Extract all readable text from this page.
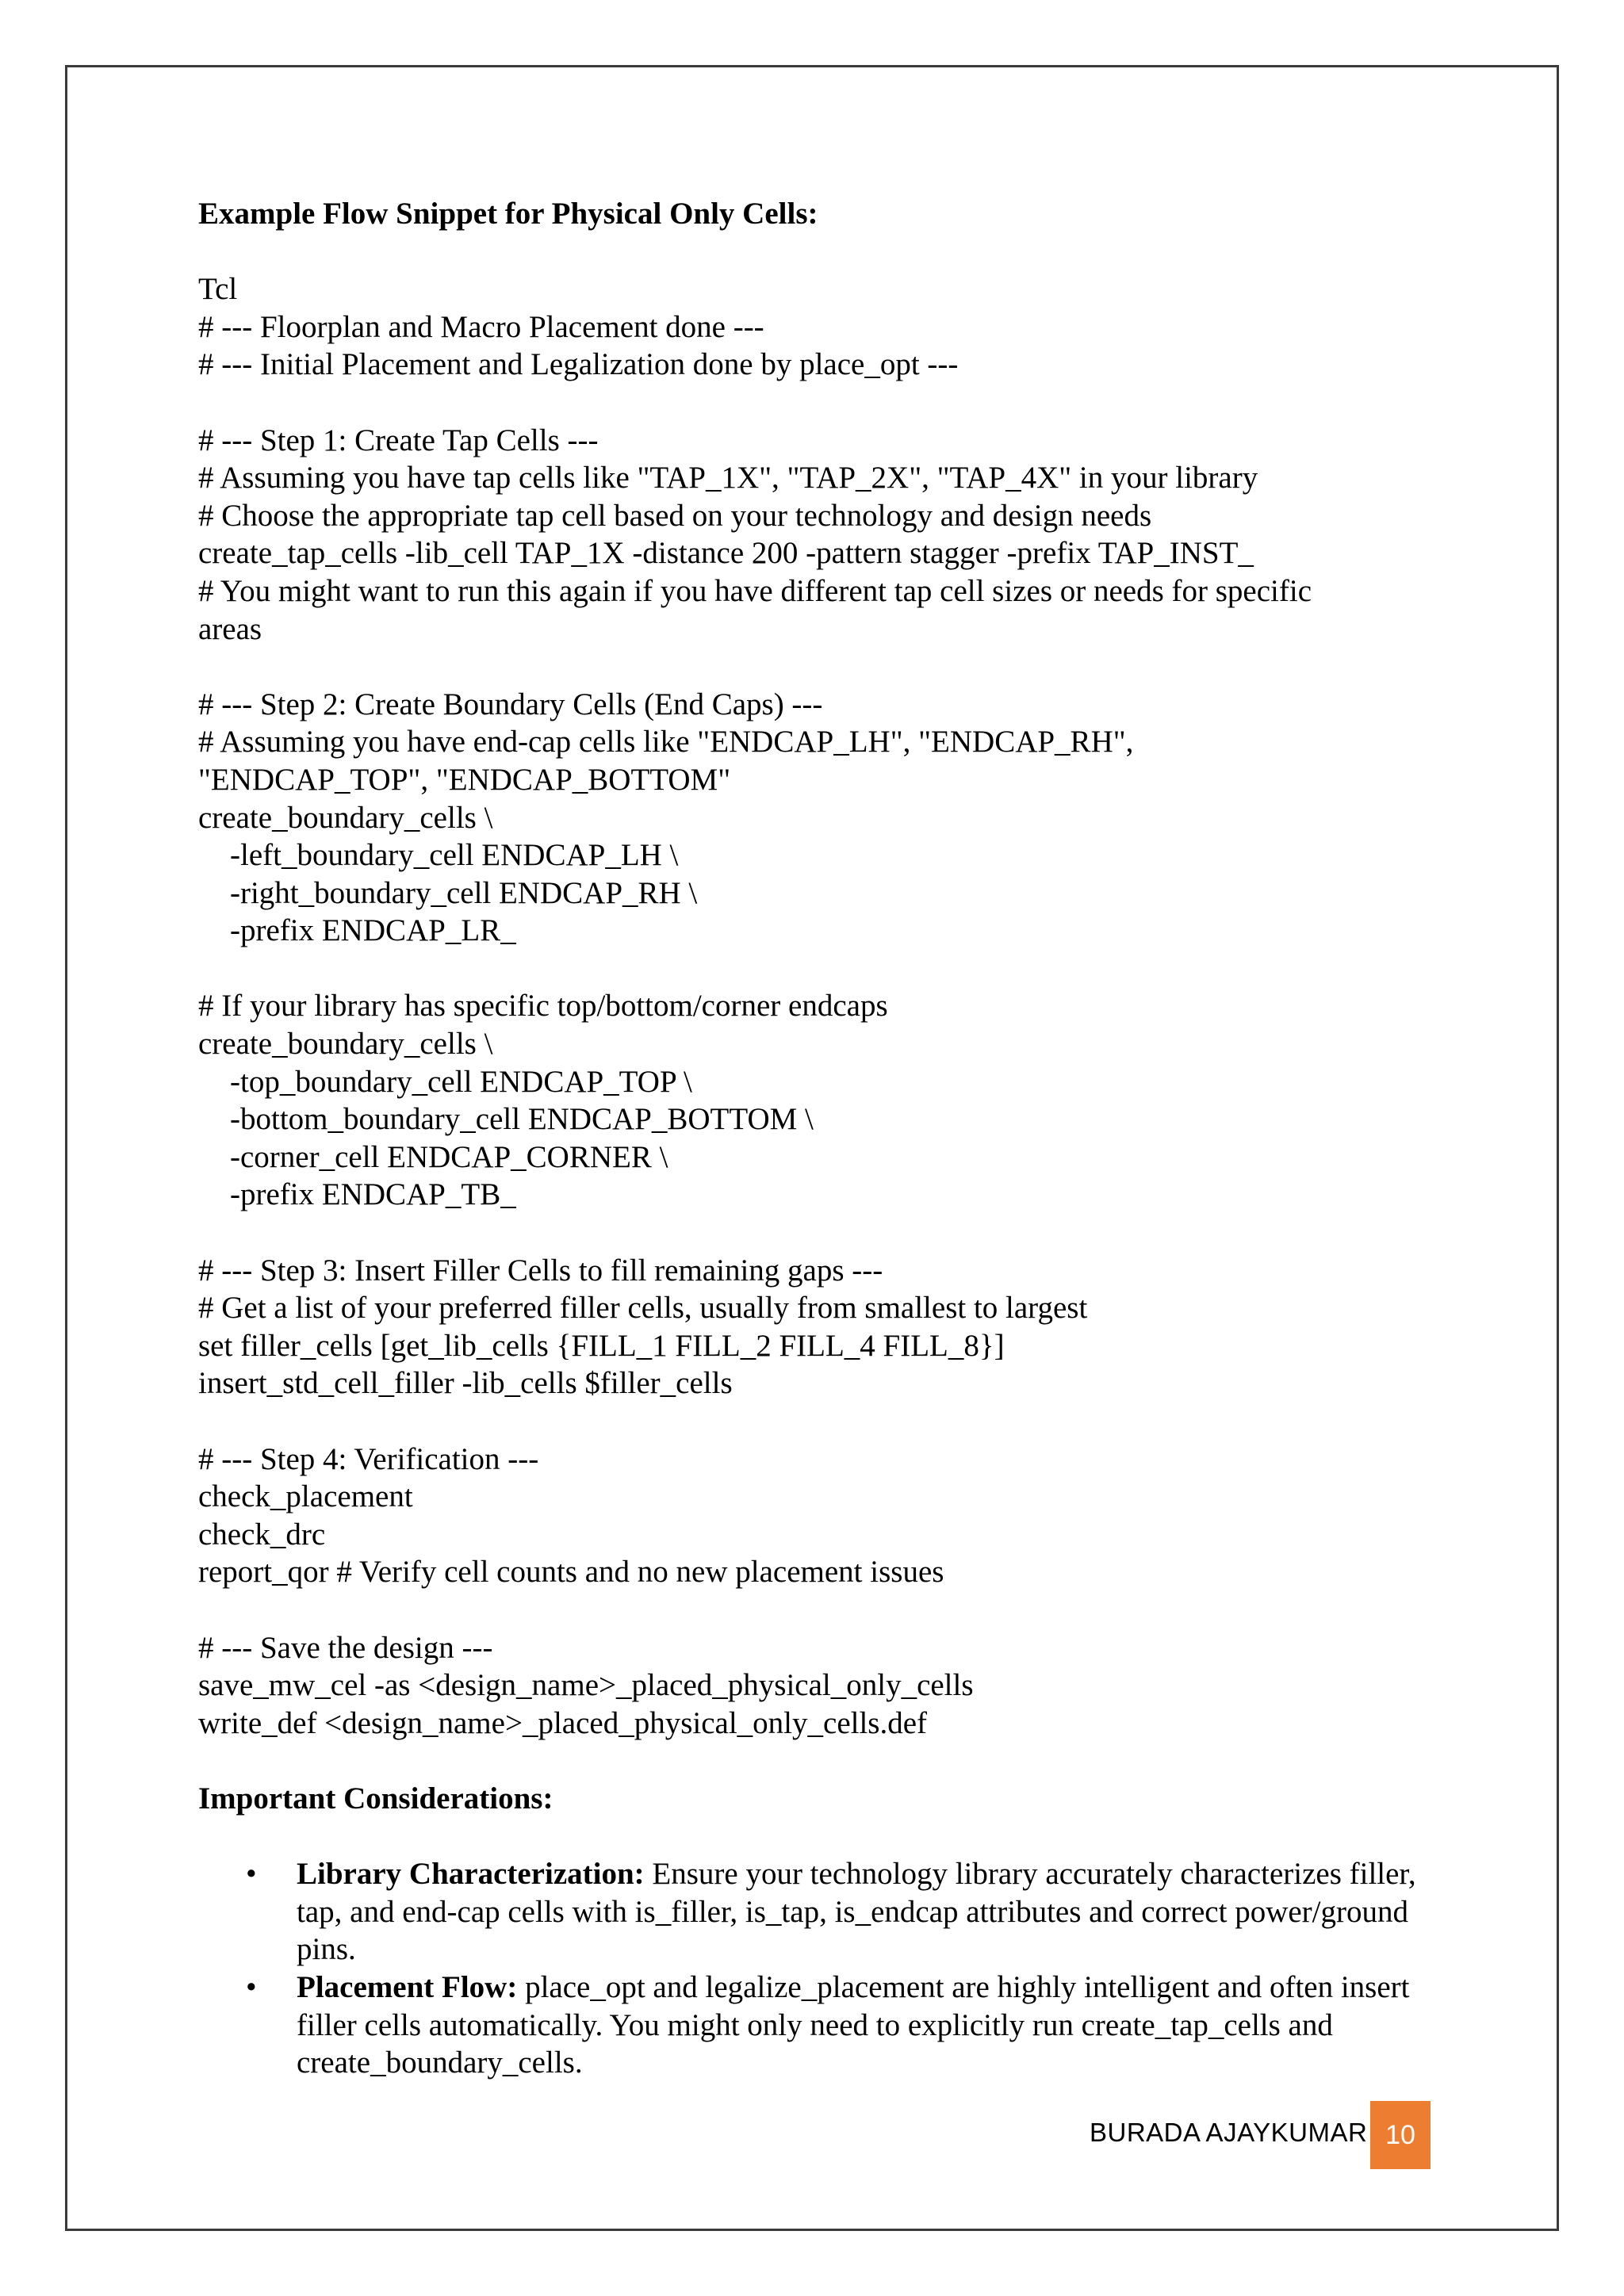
Example Flow Snippet for Physical Only Cells:

Tcl

# --- Floorplan and Macro Placement done ---

# --- Initial Placement and Legalization done by place_opt ---

# --- Step 1: Create Tap Cells ---

# Assuming you have tap cells like "TAP_1X", "TAP_2X", "TAP_4X" in your library

# Choose the appropriate tap cell based on your technology and design needs

create_tap_cells -lib_cell TAP_1X -distance 200 -pattern stagger -prefix TAP_INST_

# You might want to run this again if you have different tap cell sizes or needs for specific

areas

# --- Step 2: Create Boundary Cells (End Caps) ---

# Assuming you have end-cap cells like "ENDCAP_LH", "ENDCAP_RH",

"ENDCAP_TOP", "ENDCAP_BOTTOM"

create_boundary_cells \

-left_boundary_cell ENDCAP_LH \

-right_boundary_cell ENDCAP_RH \

-prefix ENDCAP_LR_

# If your library has specific top/bottom/corner endcaps

create_boundary_cells \

-top_boundary_cell ENDCAP_TOP \

-bottom_boundary_cell ENDCAP_BOTTOM \

-corner_cell ENDCAP_CORNER \

-prefix ENDCAP_TB_

# --- Step 3: Insert Filler Cells to fill remaining gaps ---

# Get a list of your preferred filler cells, usually from smallest to largest

set filler_cells [get_lib_cells {FILL_1 FILL_2 FILL_4 FILL_8}]

insert_std_cell_filler -lib_cells $filler_cells

# --- Step 4: Verification ---

check_placement

check_drc

report_qor # Verify cell counts and no new placement issues

# --- Save the design ---

save_mw_cel -as <design_name>_placed_physical_only_cells

write_def <design_name>_placed_physical_only_cells.def

Important Considerations:

• Library Characterization: Ensure your technology library accurately characterizes filler, tap, and end-cap cells with is_filler, is_tap, is_endcap attributes and correct power/ground pins.
• Placement Flow: place_opt and legalize_placement are highly intelligent and often insert filler cells automatically. You might only need to explicitly run create_tap_cells and create_boundary_cells.
BURADA AJAYKUMAR 10
